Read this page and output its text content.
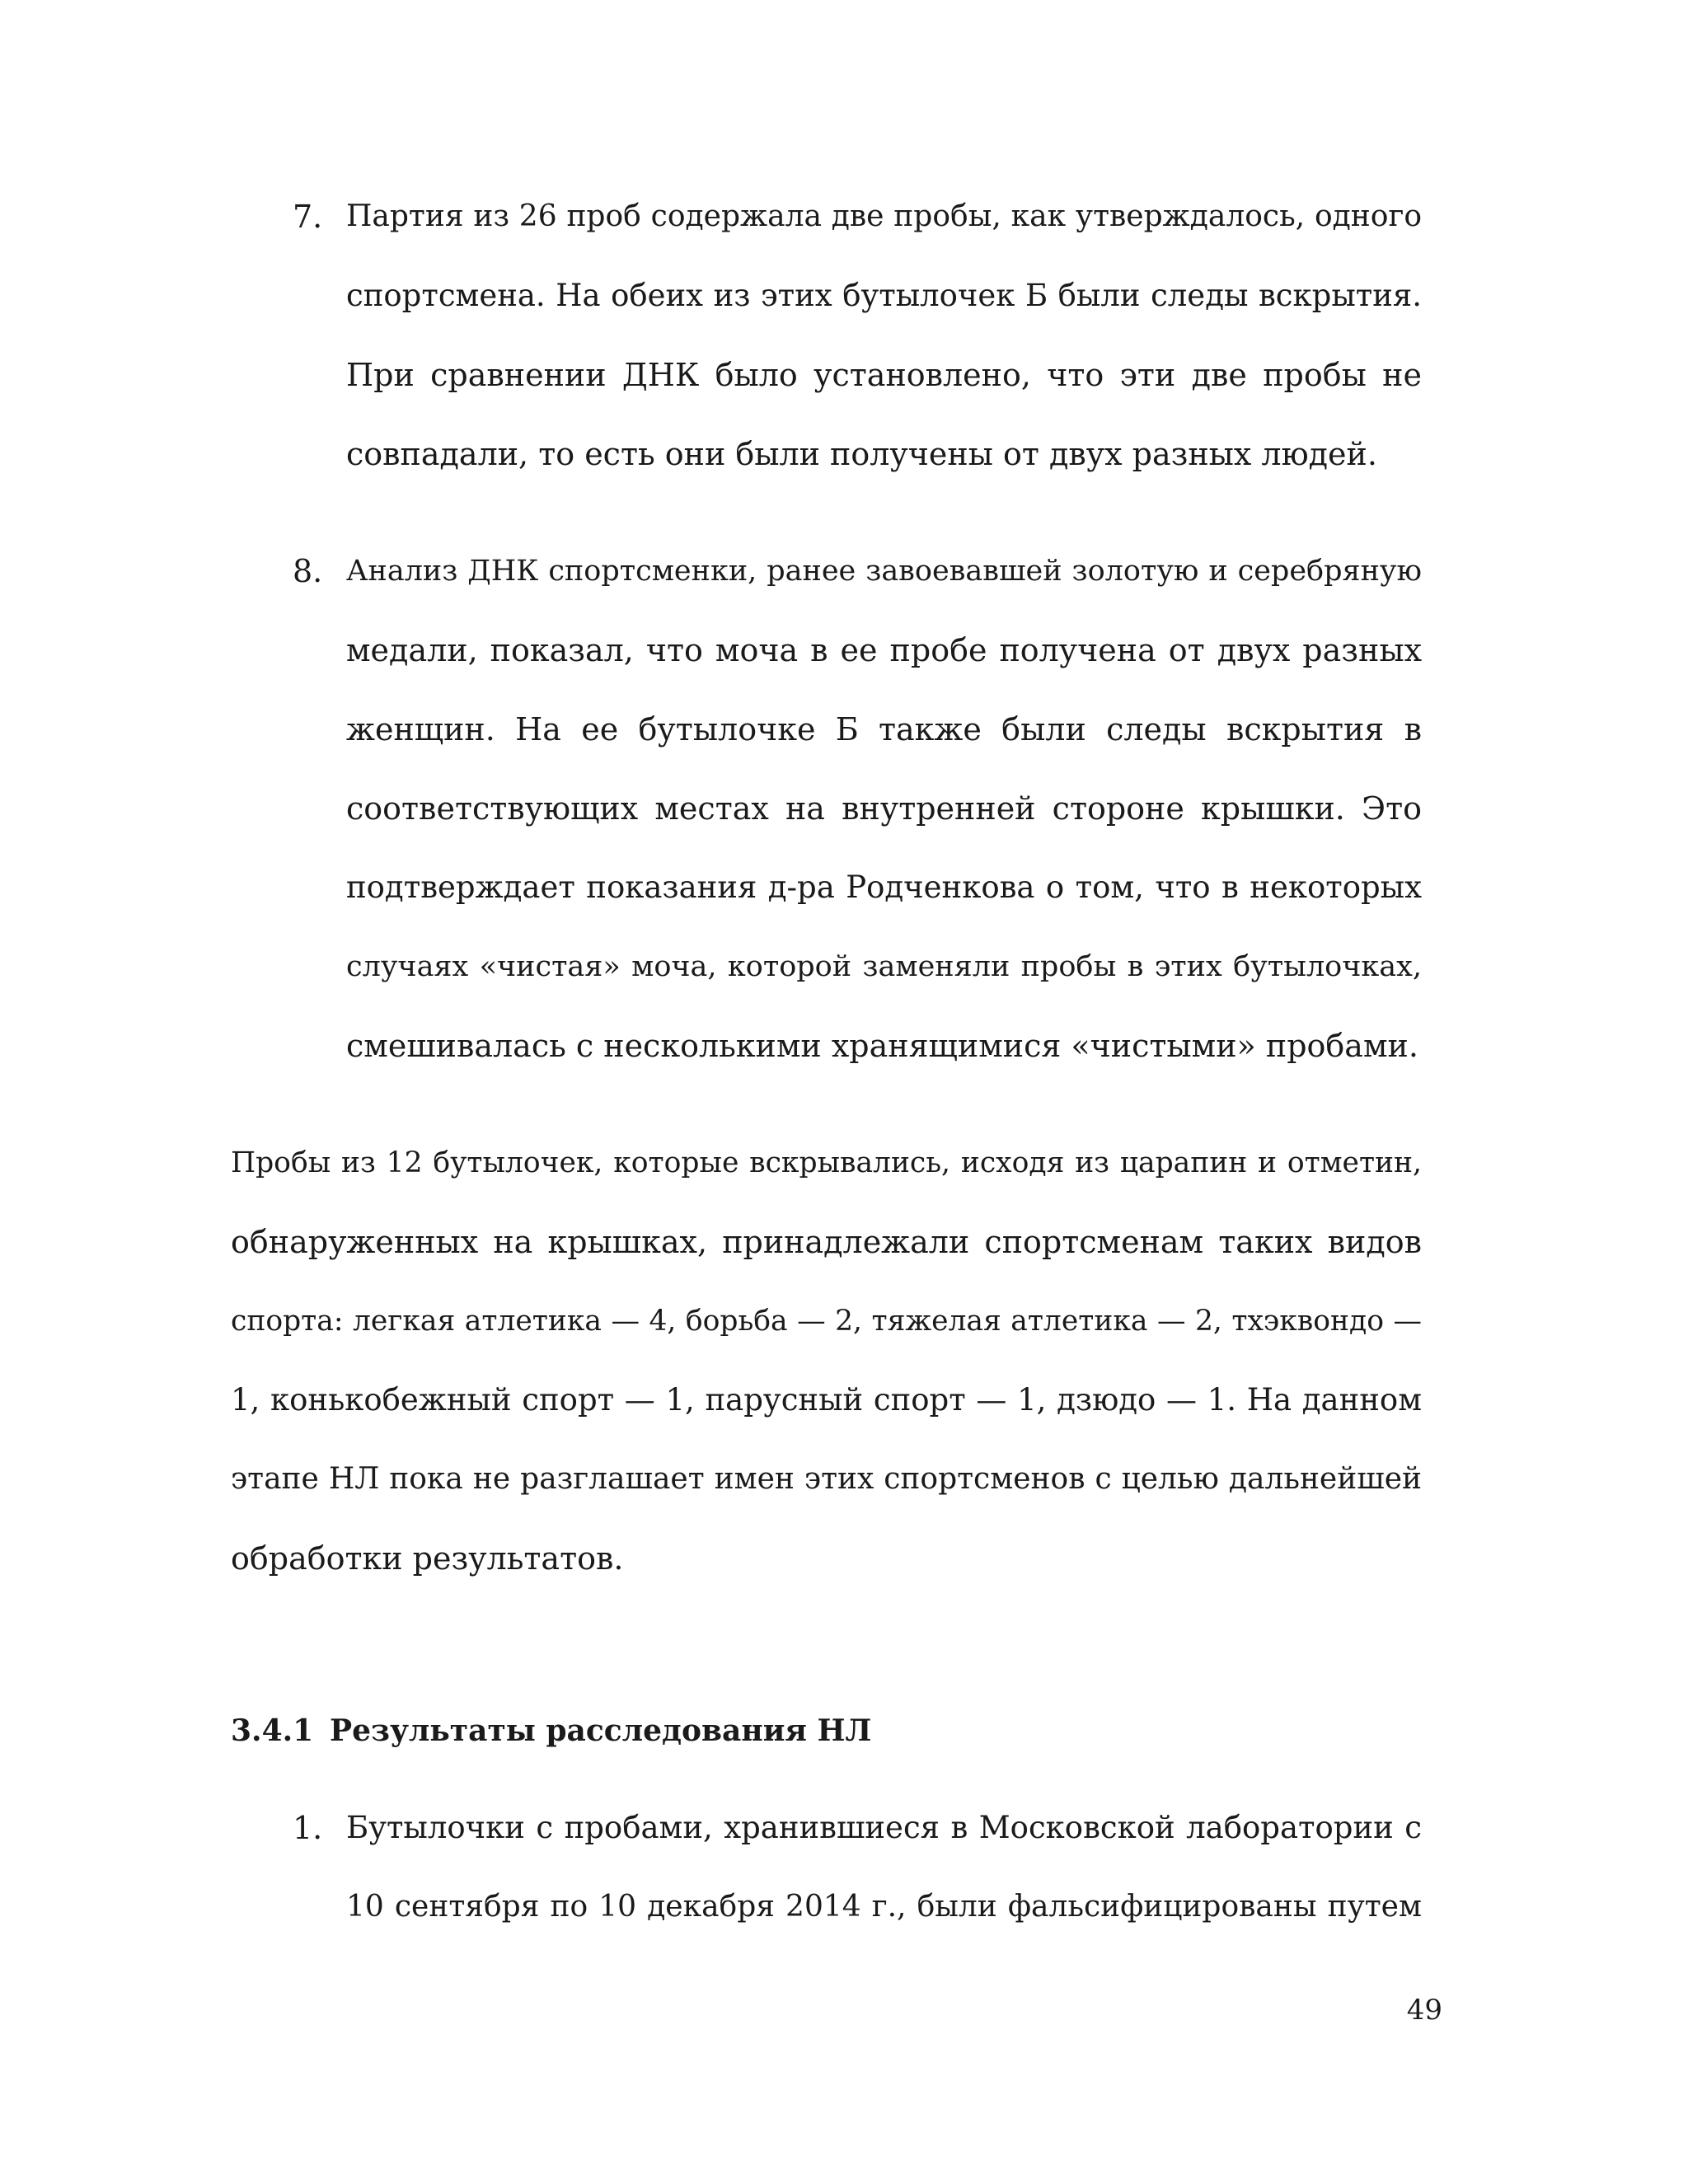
7. Партия из 26 проб содержала две пробы, как утверждалось, одного
спортсмена. На обеих из этих бутылочек Б были следы вскрытия.
При сравнении ДНК было установлено, что эти две пробы не
совпадали, то есть они были получены от двух разных людей.
8. Анализ ДНК спортсменки, ранее завоевавшей золотую и серебряную
медали, показал, что моча в ее пробе получена от двух разных
женщин. На ее бутылочке Б также были следы вскрытия в
соответствующих местах на внутренней стороне крышки. Это
подтверждает показания д-ра Родченкова о том, что в некоторых
случаях «чистая» моча, которой заменяли пробы в этих бутылочках,
смешивалась с несколькими хранящимися «чистыми» пробами.
Пробы из 12 бутылочек, которые вскрывались, исходя из царапин и отметин,
обнаруженных на крышках, принадлежали спортсменам таких видов
спорта: легкая атлетика — 4, борьба — 2, тяжелая атлетика — 2, тхэквондо —
1, конькобежный спорт — 1, парусный спорт — 1, дзюдо — 1. На данном
этапе НЛ пока не разглашает имен этих спортсменов с целью дальнейшей
обработки результатов.
3.4.1 Результаты расследования НЛ
1. Бутылочки с пробами, хранившиеся в Московской лаборатории с
10 сентября по 10 декабря 2014 г., были фальсифицированы путем
49
